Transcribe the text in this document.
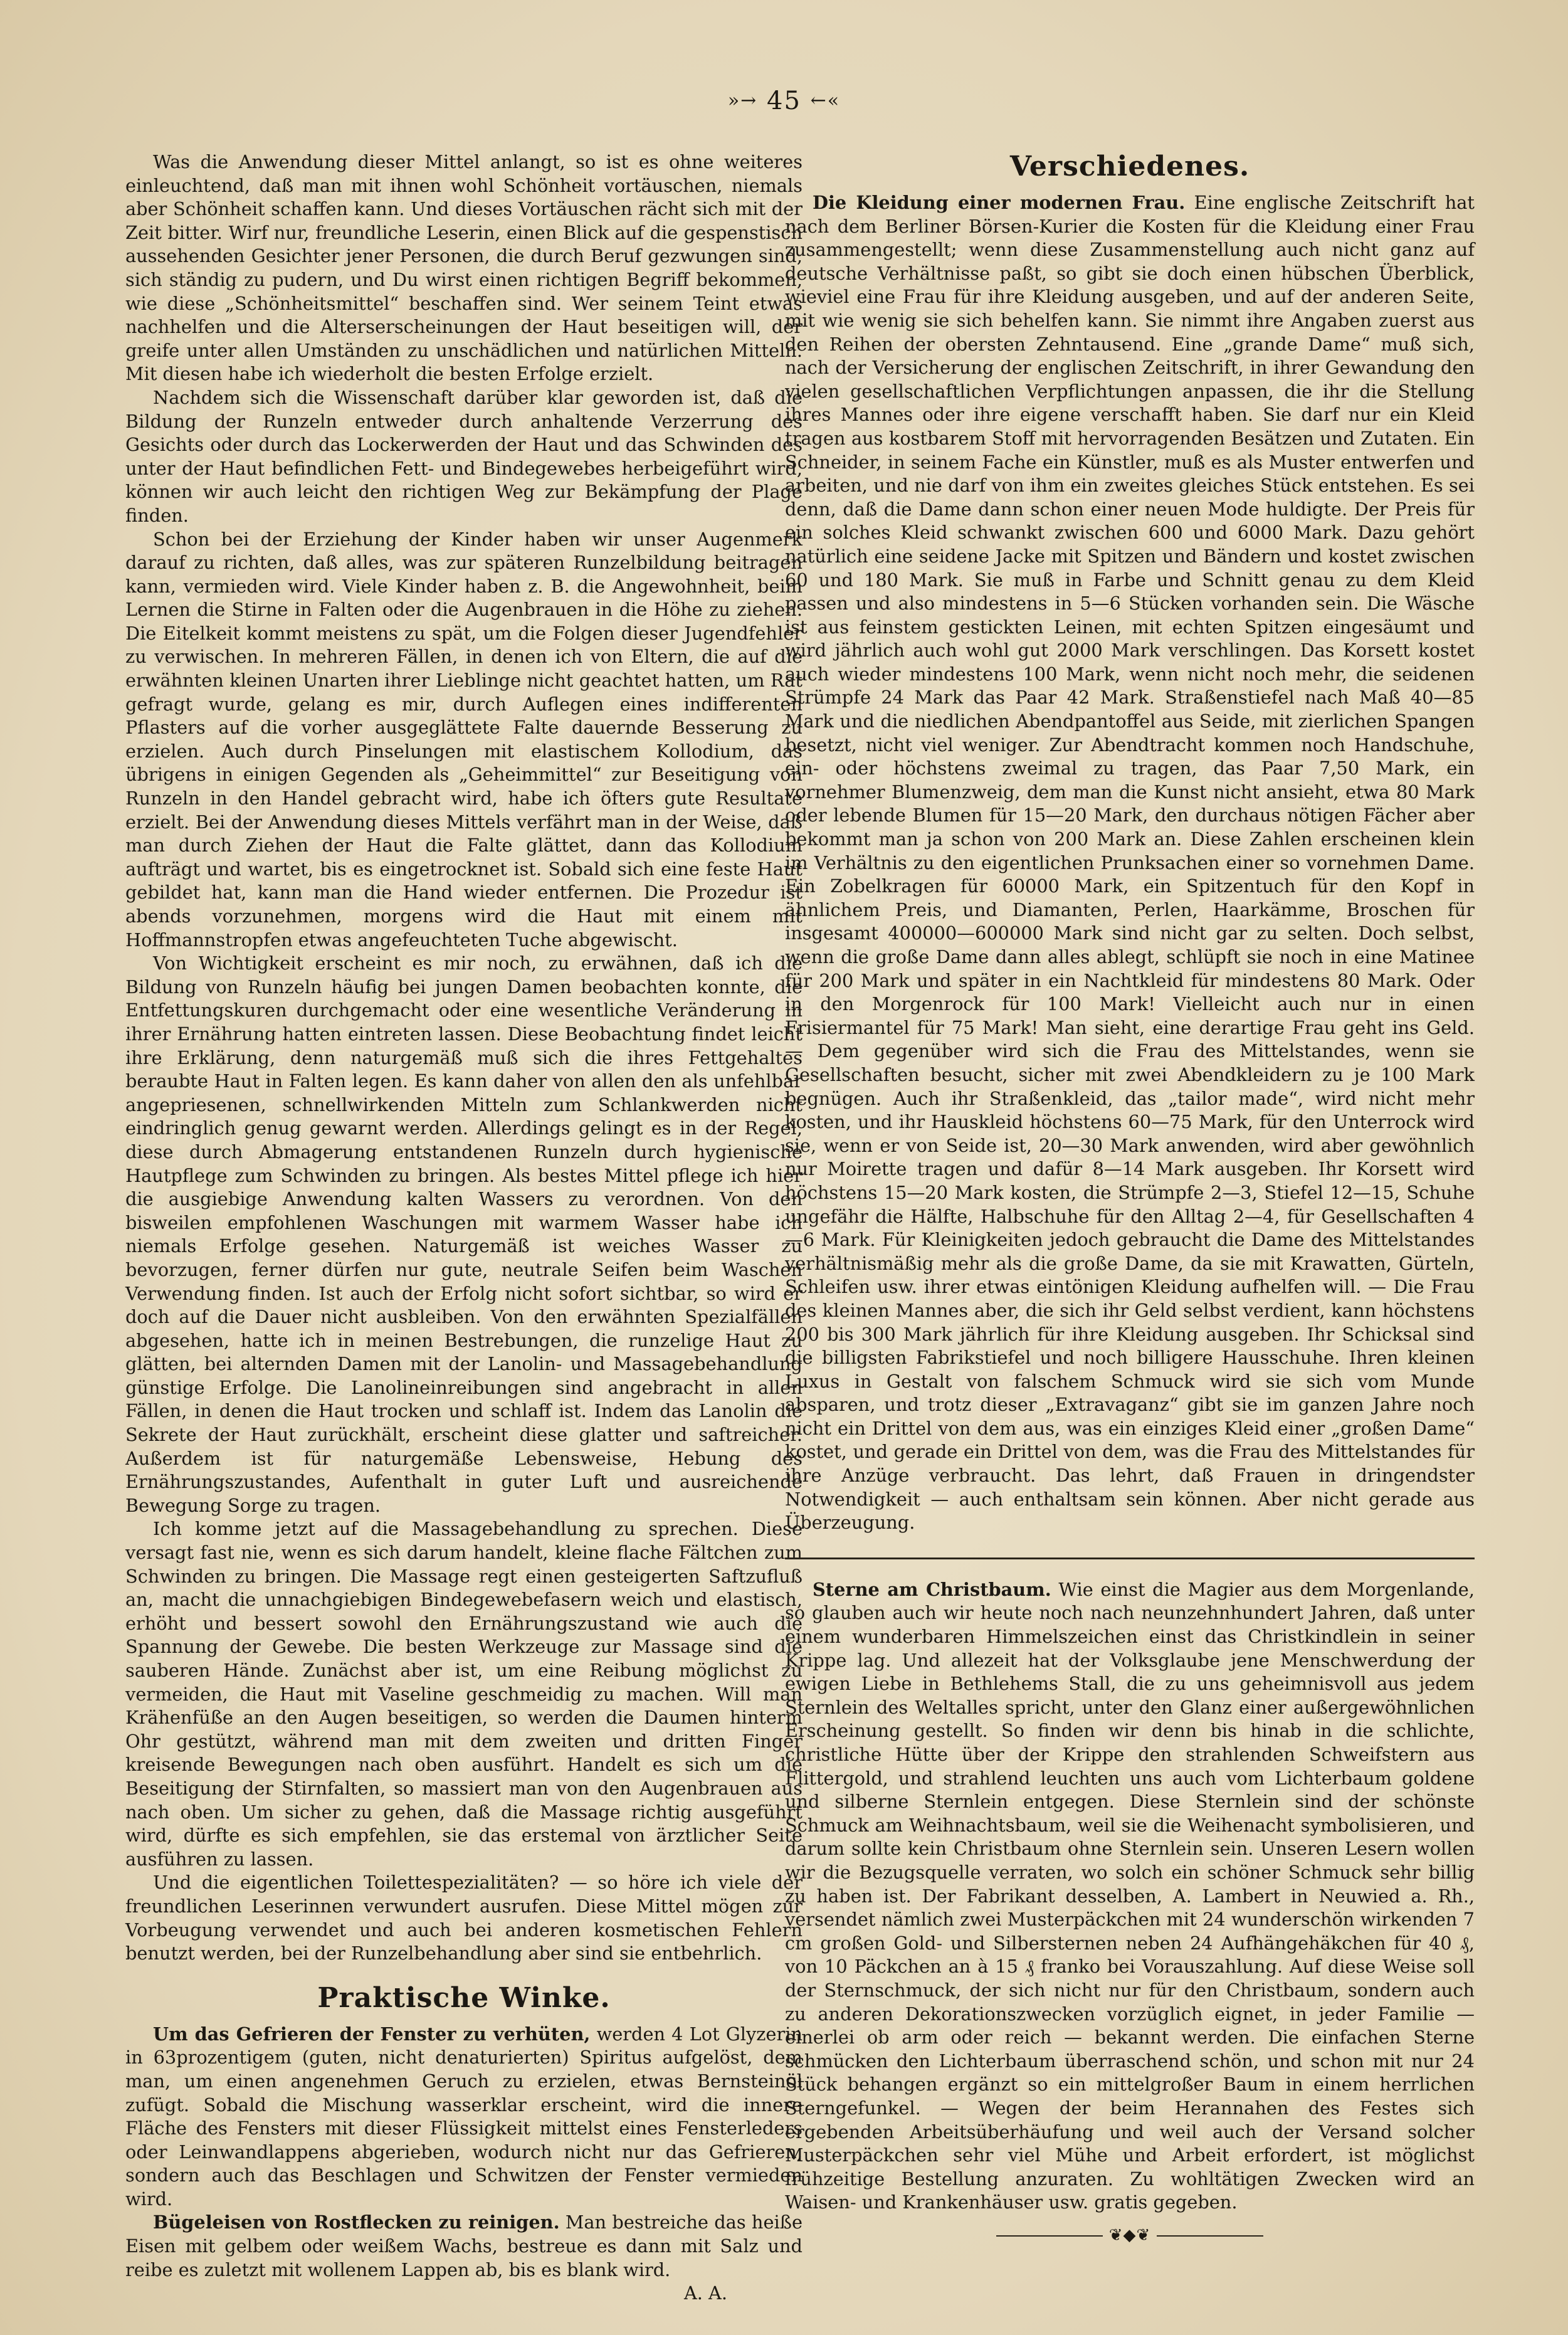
»→ 45 ←«

Was die Anwendung dieser Mittel anlangt, so ist es ohne weiteres einleuchtend, daß man mit ihnen wohl Schönheit vortäuschen, niemals aber Schönheit schaffen kann. Und dieses Vortäuschen rächt sich mit der Zeit bitter. Wirf nur, freundliche Leserin, einen Blick auf die gespenstisch aussehenden Gesichter jener Personen, die durch Beruf gezwungen sind, sich ständig zu pudern, und Du wirst einen richtigen Begriff bekommen, wie diese „Schönheitsmittel“ beschaffen sind. Wer seinem Teint etwas nachhelfen und die Alterserscheinungen der Haut beseitigen will, der greife unter allen Umständen zu unschädlichen und natürlichen Mitteln. Mit diesen habe ich wiederholt die besten Erfolge erzielt.

Nachdem sich die Wissenschaft darüber klar geworden ist, daß die Bildung der Runzeln entweder durch anhaltende Verzerrung des Gesichts oder durch das Lockerwerden der Haut und das Schwinden des unter der Haut befindlichen Fett- und Bindegewebes herbeigeführt wird, können wir auch leicht den richtigen Weg zur Bekämpfung der Plage finden.

Schon bei der Erziehung der Kinder haben wir unser Augenmerk darauf zu richten, daß alles, was zur späteren Runzelbildung beitragen kann, vermieden wird. Viele Kinder haben z. B. die Angewohnheit, beim Lernen die Stirne in Falten oder die Augenbrauen in die Höhe zu ziehen. Die Eitelkeit kommt meistens zu spät, um die Folgen dieser Jugendfehler zu verwischen. In mehreren Fällen, in denen ich von Eltern, die auf die erwähnten kleinen Unarten ihrer Lieblinge nicht geachtet hatten, um Rat gefragt wurde, gelang es mir, durch Auflegen eines indifferenten Pflasters auf die vorher ausgeglättete Falte dauernde Besserung zu erzielen. Auch durch Pinselungen mit elastischem Kollodium, das übrigens in einigen Gegenden als „Geheimmittel“ zur Beseitigung von Runzeln in den Handel gebracht wird, habe ich öfters gute Resultate erzielt. Bei der Anwendung dieses Mittels verfährt man in der Weise, daß man durch Ziehen der Haut die Falte glättet, dann das Kollodium aufträgt und wartet, bis es eingetrocknet ist. Sobald sich eine feste Haut gebildet hat, kann man die Hand wieder entfernen. Die Prozedur ist abends vorzunehmen, morgens wird die Haut mit einem mit Hoffmannstropfen etwas angefeuchteten Tuche abgewischt.

Von Wichtigkeit erscheint es mir noch, zu erwähnen, daß ich die Bildung von Runzeln häufig bei jungen Damen beobachten konnte, die Entfettungskuren durchgemacht oder eine wesentliche Veränderung in ihrer Ernährung hatten eintreten lassen. Diese Beobachtung findet leicht ihre Erklärung, denn naturgemäß muß sich die ihres Fettgehaltes beraubte Haut in Falten legen. Es kann daher von allen den als unfehlbar angepriesenen, schnellwirkenden Mitteln zum Schlankwerden nicht eindringlich genug gewarnt werden. Allerdings gelingt es in der Regel, diese durch Abmagerung entstandenen Runzeln durch hygienische Hautpflege zum Schwinden zu bringen. Als bestes Mittel pflege ich hier die ausgiebige Anwendung kalten Wassers zu verordnen. Von den bisweilen empfohlenen Waschungen mit warmem Wasser habe ich niemals Erfolge gesehen. Naturgemäß ist weiches Wasser zu bevorzugen, ferner dürfen nur gute, neutrale Seifen beim Waschen Verwendung finden. Ist auch der Erfolg nicht sofort sichtbar, so wird er doch auf die Dauer nicht ausbleiben. Von den erwähnten Spezialfällen abgesehen, hatte ich in meinen Bestrebungen, die runzelige Haut zu glätten, bei alternden Damen mit der Lanolin- und Massagebehandlung günstige Erfolge. Die Lanolineinreibungen sind angebracht in allen Fällen, in denen die Haut trocken und schlaff ist. Indem das Lanolin die Sekrete der Haut zurückhält, erscheint diese glatter und saftreicher. Außerdem ist für naturgemäße Lebensweise, Hebung des Ernährungszustandes, Aufenthalt in guter Luft und ausreichende Bewegung Sorge zu tragen.

Ich komme jetzt auf die Massagebehandlung zu sprechen. Diese versagt fast nie, wenn es sich darum handelt, kleine flache Fältchen zum Schwinden zu bringen. Die Massage regt einen gesteigerten Saftzufluß an, macht die unnachgiebigen Bindegewebefasern weich und elastisch, erhöht und bessert sowohl den Ernährungszustand wie auch die Spannung der Gewebe. Die besten Werkzeuge zur Massage sind die sauberen Hände. Zunächst aber ist, um eine Reibung möglichst zu vermeiden, die Haut mit Vaseline geschmeidig zu machen. Will man Krähenfüße an den Augen beseitigen, so werden die Daumen hinterm Ohr gestützt, während man mit dem zweiten und dritten Finger kreisende Bewegungen nach oben ausführt. Handelt es sich um die Beseitigung der Stirnfalten, so massiert man von den Augenbrauen aus nach oben. Um sicher zu gehen, daß die Massage richtig ausgeführt wird, dürfte es sich empfehlen, sie das erstemal von ärztlicher Seite ausführen zu lassen.

Und die eigentlichen Toilettespezialitäten? — so höre ich viele der freundlichen Leserinnen verwundert ausrufen. Diese Mittel mögen zur Vorbeugung verwendet und auch bei anderen kosmetischen Fehlern benutzt werden, bei der Runzelbehandlung aber sind sie entbehrlich.

Praktische Winke.

Um das Gefrieren der Fenster zu verhüten, werden 4 Lot Glyzerin in 63prozentigem (guten, nicht denaturierten) Spiritus aufgelöst, dem man, um einen angenehmen Geruch zu erzielen, etwas Bernsteinöl zufügt. Sobald die Mischung wasserklar erscheint, wird die innere Fläche des Fensters mit dieser Flüssigkeit mittelst eines Fensterleders oder Leinwandlappens abgerieben, wodurch nicht nur das Gefrieren, sondern auch das Beschlagen und Schwitzen der Fenster vermieden wird.

Bügeleisen von Rostflecken zu reinigen. Man bestreiche das heiße Eisen mit gelbem oder weißem Wachs, bestreue es dann mit Salz und reibe es zuletzt mit wollenem Lappen ab, bis es blank wird.
A. A.

Verschiedenes.

Die Kleidung einer modernen Frau. Eine englische Zeitschrift hat nach dem Berliner Börsen-Kurier die Kosten für die Kleidung einer Frau zusammengestellt; wenn diese Zusammenstellung auch nicht ganz auf deutsche Verhältnisse paßt, so gibt sie doch einen hübschen Überblick, wieviel eine Frau für ihre Kleidung ausgeben, und auf der anderen Seite, mit wie wenig sie sich behelfen kann. Sie nimmt ihre Angaben zuerst aus den Reihen der obersten Zehntausend. Eine „grande Dame“ muß sich, nach der Versicherung der englischen Zeitschrift, in ihrer Gewandung den vielen gesellschaftlichen Verpflichtungen anpassen, die ihr die Stellung ihres Mannes oder ihre eigene verschafft haben. Sie darf nur ein Kleid tragen aus kostbarem Stoff mit hervorragenden Besätzen und Zutaten. Ein Schneider, in seinem Fache ein Künstler, muß es als Muster entwerfen und arbeiten, und nie darf von ihm ein zweites gleiches Stück entstehen. Es sei denn, daß die Dame dann schon einer neuen Mode huldigte. Der Preis für ein solches Kleid schwankt zwischen 600 und 6000 Mark. Dazu gehört natürlich eine seidene Jacke mit Spitzen und Bändern und kostet zwischen 60 und 180 Mark. Sie muß in Farbe und Schnitt genau zu dem Kleid passen und also mindestens in 5—6 Stücken vorhanden sein. Die Wäsche ist aus feinstem gestickten Leinen, mit echten Spitzen eingesäumt und wird jährlich auch wohl gut 2000 Mark verschlingen. Das Korsett kostet auch wieder mindestens 100 Mark, wenn nicht noch mehr, die seidenen Strümpfe 24 Mark das Paar 42 Mark. Straßenstiefel nach Maß 40—85 Mark und die niedlichen Abendpantoffel aus Seide, mit zierlichen Spangen besetzt, nicht viel weniger. Zur Abendtracht kommen noch Handschuhe, ein- oder höchstens zweimal zu tragen, das Paar 7,50 Mark, ein vornehmer Blumenzweig, dem man die Kunst nicht ansieht, etwa 80 Mark oder lebende Blumen für 15—20 Mark, den durchaus nötigen Fächer aber bekommt man ja schon von 200 Mark an. Diese Zahlen erscheinen klein im Verhältnis zu den eigentlichen Prunksachen einer so vornehmen Dame. Ein Zobelkragen für 60000 Mark, ein Spitzentuch für den Kopf in ähnlichem Preis, und Diamanten, Perlen, Haarkämme, Broschen für insgesamt 400000—600000 Mark sind nicht gar zu selten. Doch selbst, wenn die große Dame dann alles ablegt, schlüpft sie noch in eine Matinee für 200 Mark und später in ein Nachtkleid für mindestens 80 Mark. Oder in den Morgenrock für 100 Mark! Vielleicht auch nur in einen Frisiermantel für 75 Mark! Man sieht, eine derartige Frau geht ins Geld. — Dem gegenüber wird sich die Frau des Mittelstandes, wenn sie Gesellschaften besucht, sicher mit zwei Abendkleidern zu je 100 Mark begnügen. Auch ihr Straßenkleid, das „tailor made“, wird nicht mehr kosten, und ihr Hauskleid höchstens 60—75 Mark, für den Unterrock wird sie, wenn er von Seide ist, 20—30 Mark anwenden, wird aber gewöhnlich nur Moirette tragen und dafür 8—14 Mark ausgeben. Ihr Korsett wird höchstens 15—20 Mark kosten, die Strümpfe 2—3, Stiefel 12—15, Schuhe ungefähr die Hälfte, Halbschuhe für den Alltag 2—4, für Gesellschaften 4—6 Mark. Für Kleinigkeiten jedoch gebraucht die Dame des Mittelstandes verhältnismäßig mehr als die große Dame, da sie mit Krawatten, Gürteln, Schleifen usw. ihrer etwas eintönigen Kleidung aufhelfen will. — Die Frau des kleinen Mannes aber, die sich ihr Geld selbst verdient, kann höchstens 200 bis 300 Mark jährlich für ihre Kleidung ausgeben. Ihr Schicksal sind die billigsten Fabrikstiefel und noch billigere Hausschuhe. Ihren kleinen Luxus in Gestalt von falschem Schmuck wird sie sich vom Munde absparen, und trotz dieser „Extravaganz“ gibt sie im ganzen Jahre noch nicht ein Drittel von dem aus, was ein einziges Kleid einer „großen Dame“ kostet, und gerade ein Drittel von dem, was die Frau des Mittelstandes für ihre Anzüge verbraucht. Das lehrt, daß Frauen in dringendster Notwendigkeit — auch enthaltsam sein können. Aber nicht gerade aus Überzeugung.

Sterne am Christbaum. Wie einst die Magier aus dem Morgenlande, so glauben auch wir heute noch nach neunzehnhundert Jahren, daß unter einem wunderbaren Himmelszeichen einst das Christkindlein in seiner Krippe lag. Und allezeit hat der Volksglaube jene Menschwerdung der ewigen Liebe in Bethlehems Stall, die zu uns geheimnisvoll aus jedem Sternlein des Weltalles spricht, unter den Glanz einer außergewöhnlichen Erscheinung gestellt. So finden wir denn bis hinab in die schlichte, christliche Hütte über der Krippe den strahlenden Schweifstern aus Flittergold, und strahlend leuchten uns auch vom Lichterbaum goldene und silberne Sternlein entgegen. Diese Sternlein sind der schönste Schmuck am Weihnachtsbaum, weil sie die Weihenacht symbolisieren, und darum sollte kein Christbaum ohne Sternlein sein. Unseren Lesern wollen wir die Bezugsquelle verraten, wo solch ein schöner Schmuck sehr billig zu haben ist. Der Fabrikant desselben, A. Lambert in Neuwied a. Rh., versendet nämlich zwei Musterpäckchen mit 24 wunderschön wirkenden 7 cm großen Gold- und Silbersternen neben 24 Aufhängehäkchen für 40 ₰, von 10 Päckchen an à 15 ₰ franko bei Vorauszahlung. Auf diese Weise soll der Sternschmuck, der sich nicht nur für den Christbaum, sondern auch zu anderen Dekorationszwecken vorzüglich eignet, in jeder Familie — einerlei ob arm oder reich — bekannt werden. Die einfachen Sterne schmücken den Lichterbaum überraschend schön, und schon mit nur 24 Stück behangen ergänzt so ein mittelgroßer Baum in einem herrlichen Sterngefunkel. — Wegen der beim Herannahen des Festes sich ergebenden Arbeitsüberhäufung und weil auch der Versand solcher Musterpäckchen sehr viel Mühe und Arbeit erfordert, ist möglichst frühzeitige Bestellung anzuraten. Zu wohltätigen Zwecken wird an Waisen- und Krankenhäuser usw. gratis gegeben.

❦◆❦
